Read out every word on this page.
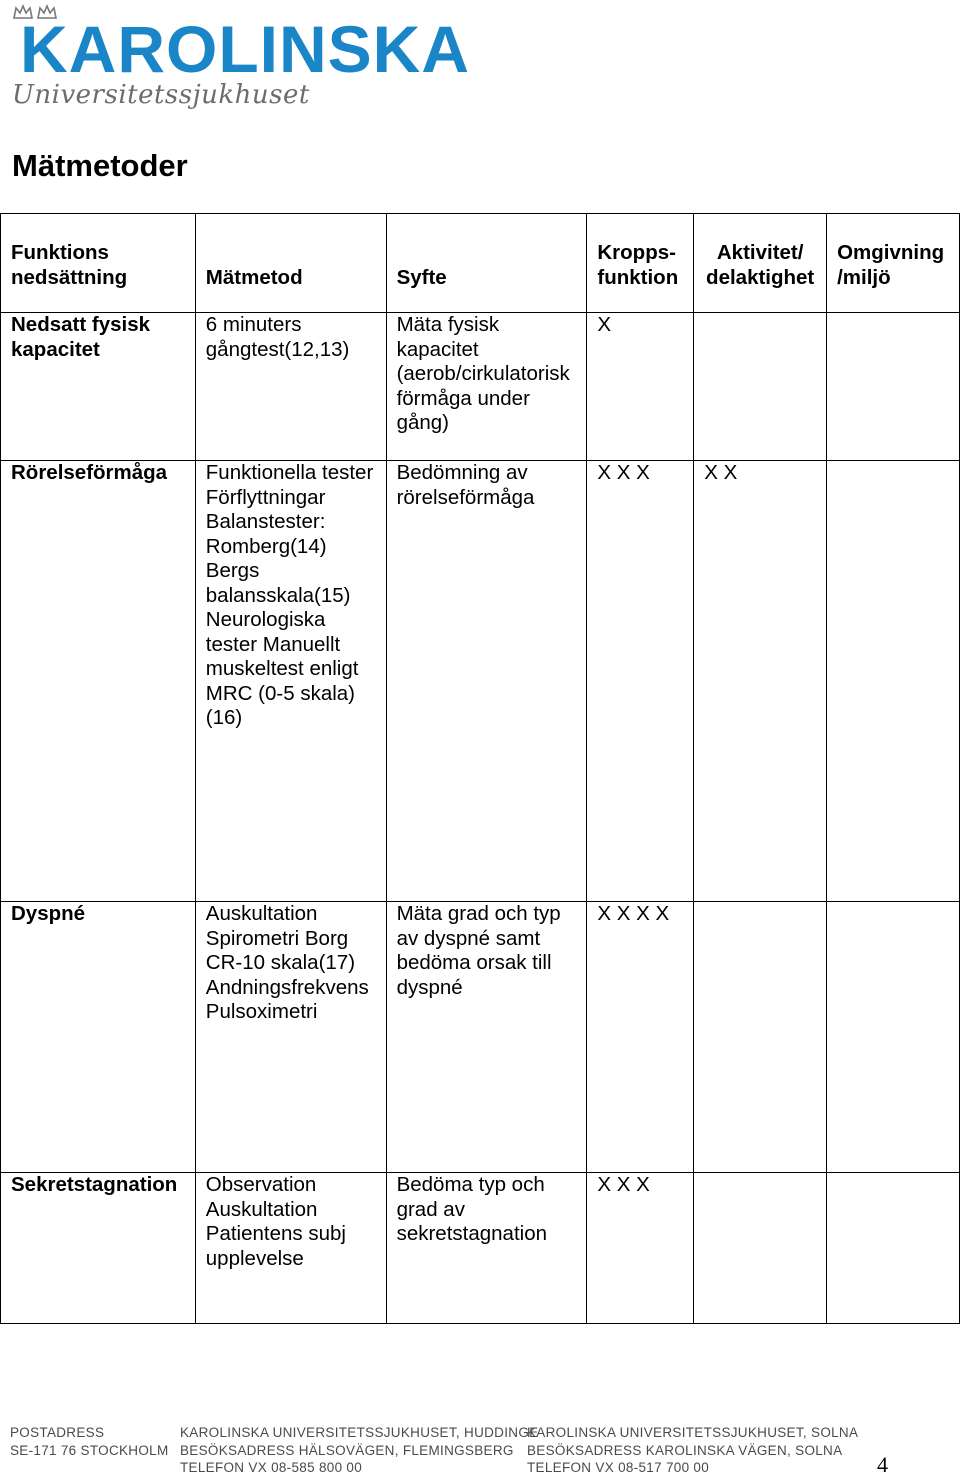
KAROLINSKA
Universitetssjukhuset
Mätmetoder
Funktions nedsättning	Mätmetod	Syfte	Kropps- funktion	Aktivitet/ delaktighet	Omgivning /miljö

Nedsatt fysisk kapacitet	6 minuters gångtest(12,13)	Mäta fysisk kapacitet (aerob/cirkulatorisk förmåga under gång)	X		

Rörelseförmåga	Funktionella tester Förflyttningar Balanstester: Romberg(14) Bergs balansskala(15) Neurologiska tester Manuellt muskeltest enligt MRC (0-5 skala)(16)	Bedömning av rörelseförmåga	X X X	X X	

Dyspné	Auskultation Spirometri Borg CR-10 skala(17) Andningsfrekvens Pulsoximetri	Mäta grad och typ av dyspné samt bedöma orsak till dyspné	X X X X		

Sekretstagnation	Observation Auskultation Patientens subj upplevelse	Bedöma typ och grad av sekretstagnation	X X X		

POSTADRESS
SE-171 76 STOCKHOLM
KAROLINSKA UNIVERSITETSSJUKHUSET, HUDDINGE
BESÖKSADRESS HÄLSOVÄGEN, FLEMINGSBERG
TELEFON VX 08-585 800 00
KAROLINSKA UNIVERSITETSSJUKHUSET, SOLNA
BESÖKSADRESS KAROLINSKA VÄGEN, SOLNA
TELEFON VX 08-517 700 00	4
